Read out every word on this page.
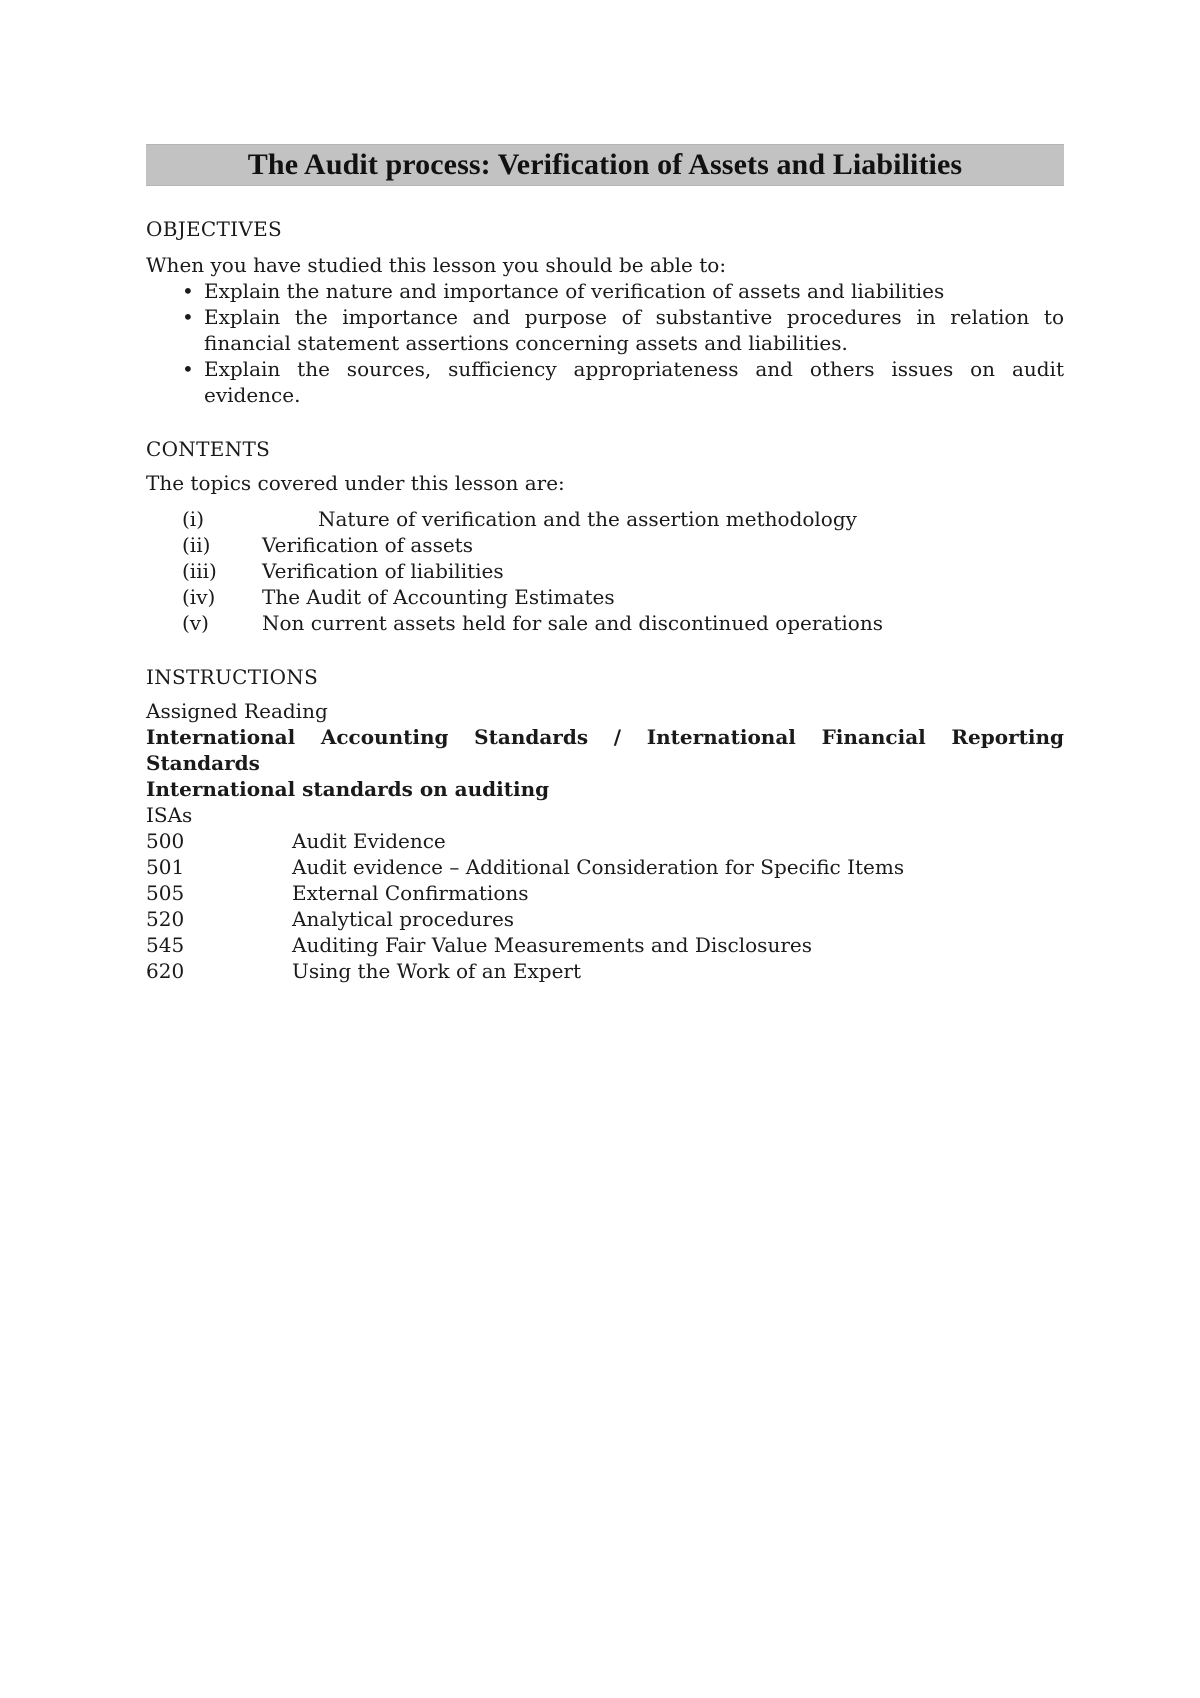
The Audit process: Verification of Assets and Liabilities

OBJECTIVES

When you have studied this lesson you should be able to:

• Explain the nature and importance of verification of assets and liabilities
• Explain the importance and purpose of substantive procedures in relation to financial statement assertions concerning assets and liabilities.
• Explain the sources, sufficiency appropriateness and others issues on audit evidence.

CONTENTS

The topics covered under this lesson are:

(i)	Nature of verification and the assertion methodology
(ii)	Verification of assets
(iii)	Verification of liabilities
(iv)	The Audit of Accounting Estimates
(v)	Non current assets held for sale and discontinued operations

INSTRUCTIONS

Assigned Reading

International Accounting Standards / International Financial Reporting

Standards

International standards on auditing

ISAs

500	Audit Evidence
501	Audit evidence – Additional Consideration for Specific Items
505	External Confirmations
520	Analytical procedures
545	Auditing Fair Value Measurements and Disclosures
620	Using the Work of an Expert
